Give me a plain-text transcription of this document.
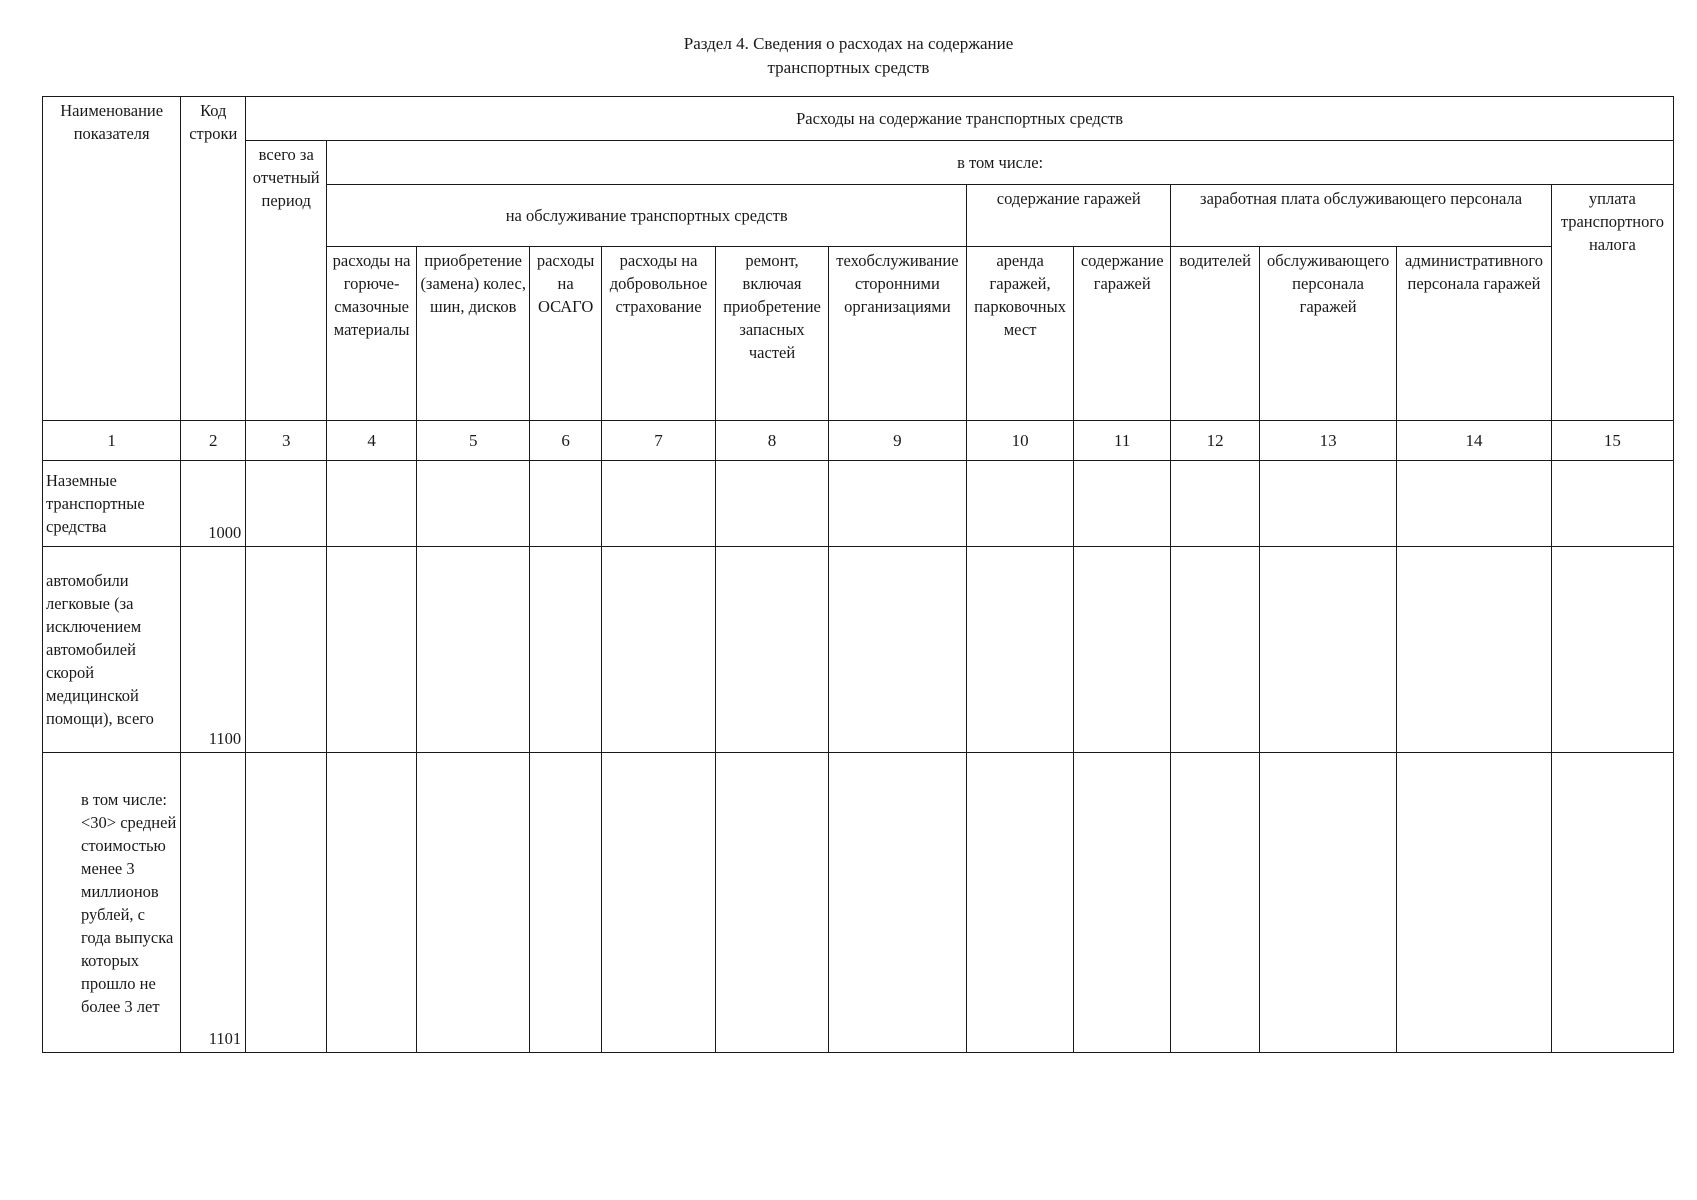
Раздел 4. Сведения о расходах на содержание
транспортных средств
Наименование показателя	Код строки	Расходы на содержание транспортных средств												
		всего за отчетный период	в том числе:											
			на обслуживание транспортных средств						содержание гаражей		заработная плата обслуживающего персонала			уплата транспортного налога
			расходы на горюче-смазочные материалы	приобретение (замена) колес, шин, дисков	расходы на ОСАГО	расходы на добровольное страхование	ремонт, включая приобретение запасных частей	техобслуживание сторонними организациями	аренда гаражей, парковочных мест	содержание гаражей	водителей	обслуживающего персонала гаражей	административного персонала гаражей	
1	2	3	4	5	6	7	8	9	10	11	12	13	14	15
Наземные транспортные средства	1000													
автомобили легковые (за исключением автомобилей скорой медицинской помощи), всего	1100													
в том числе: <30> средней стоимостью менее 3 миллионов рублей, с года выпуска которых прошло не более 3 лет	1101													
